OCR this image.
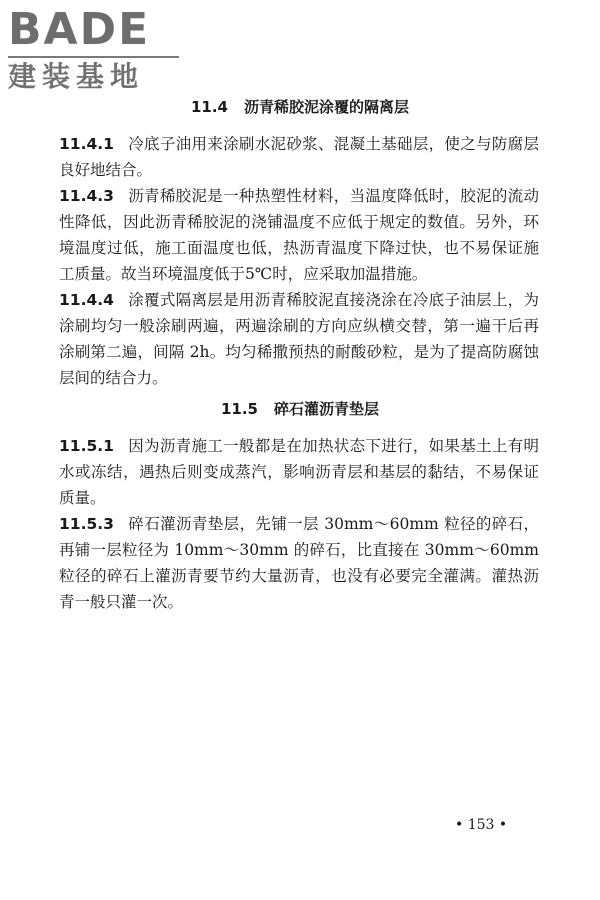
BADE
建装基地
11.4 沥青稀胶泥涂覆的隔离层

11.4.1 冷底子油用来涂刷水泥砂浆、混凝土基础层，使之与防腐层良好地结合。

11.4.3 沥青稀胶泥是一种热塑性材料，当温度降低时，胶泥的流动性降低，因此沥青稀胶泥的浇铺温度不应低于规定的数值。另外，环境温度过低，施工面温度也低，热沥青温度下降过快，也不易保证施工质量。故当环境温度低于5℃时，应采取加温措施。

11.4.4 涂覆式隔离层是用沥青稀胶泥直接浇涂在冷底子油层上，为涂刷均匀一般涂刷两遍，两遍涂刷的方向应纵横交替，第一遍干后再涂刷第二遍，间隔 2h。均匀稀撒预热的耐酸砂粒，是为了提高防腐蚀层间的结合力。

11.5 碎石灌沥青垫层

11.5.1 因为沥青施工一般都是在加热状态下进行，如果基土上有明水或冻结，遇热后则变成蒸汽，影响沥青层和基层的黏结，不易保证质量。

11.5.3 碎石灌沥青垫层，先铺一层 30mm～60mm 粒径的碎石，再铺一层粒径为 10mm～30mm 的碎石，比直接在 30mm～60mm 粒径的碎石上灌沥青要节约大量沥青，也没有必要完全灌满。灌热沥青一般只灌一次。

• 153 •
